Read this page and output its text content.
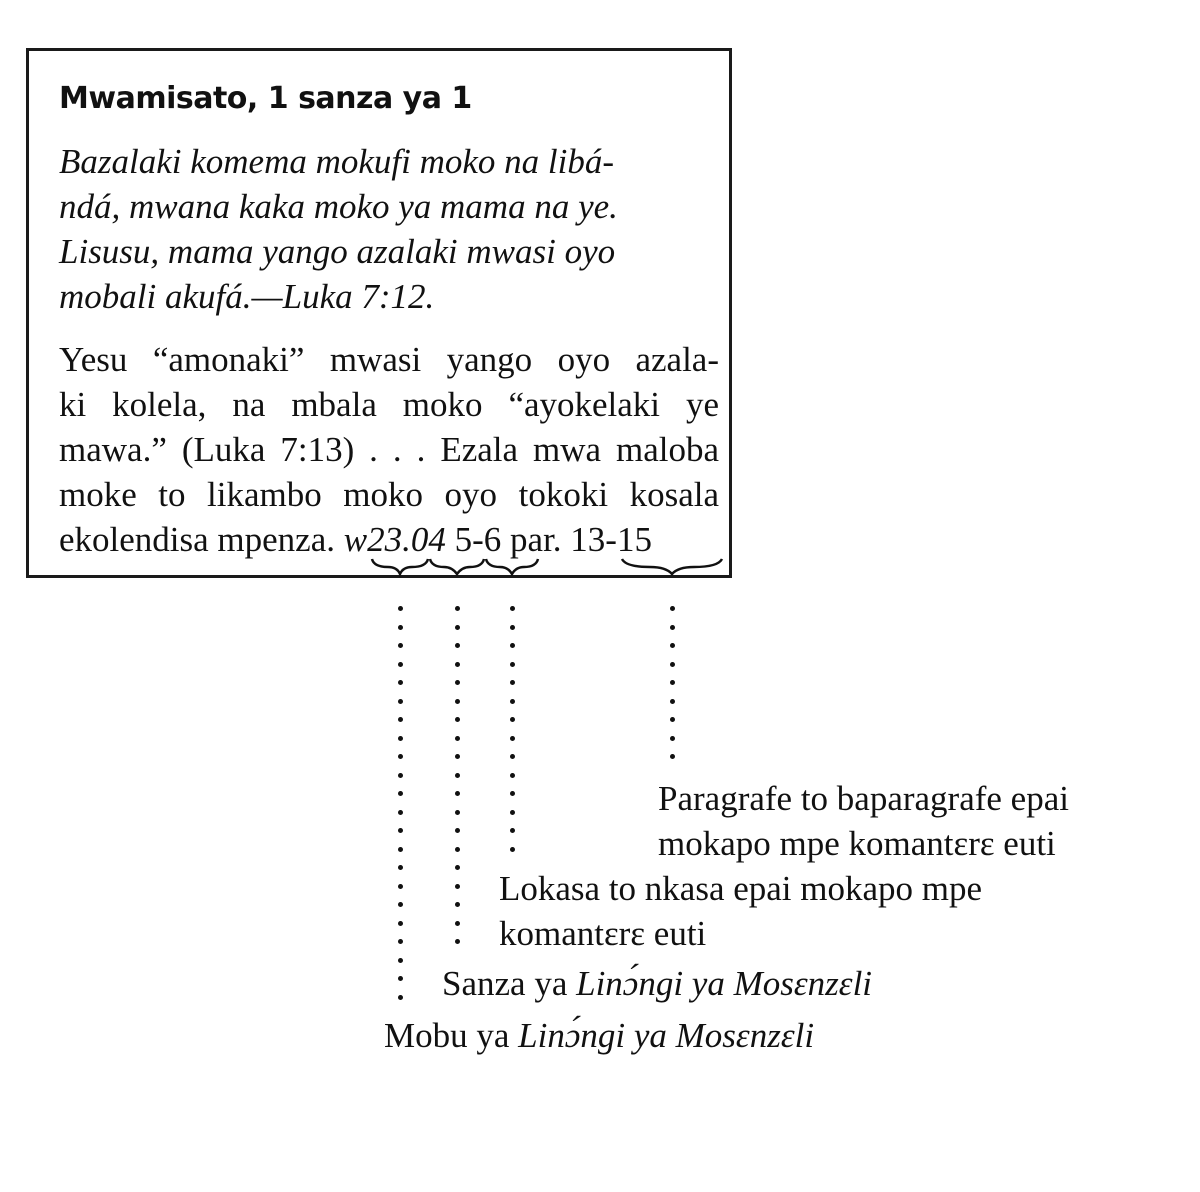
Mwamisato, 1 sanza ya 1
Bazalaki komema mokufi moko na libá-
ndá, mwana kaka moko ya mama na ye.
Lisusu, mama yango azalaki mwasi oyo
mobali akufá.—Luka 7:12.
Yesu “amonaki” mwasi yango oyo azala-
ki kolela, na mbala moko “ayokelaki ye
mawa.” (Luka 7:13) . . . Ezala mwa maloba
moke to likambo moko oyo tokoki kosala
ekolendisa mpenza. w23.04 5-6 par. 13-15
Paragrafe to baparagrafe epai
mokapo mpe komantɛrɛ euti
Lokasa to nkasa epai mokapo mpe
komantɛrɛ euti
Sanza ya Linɔ́ngi ya Mosɛnzɛli
Mobu ya Linɔ́ngi ya Mosɛnzɛli
